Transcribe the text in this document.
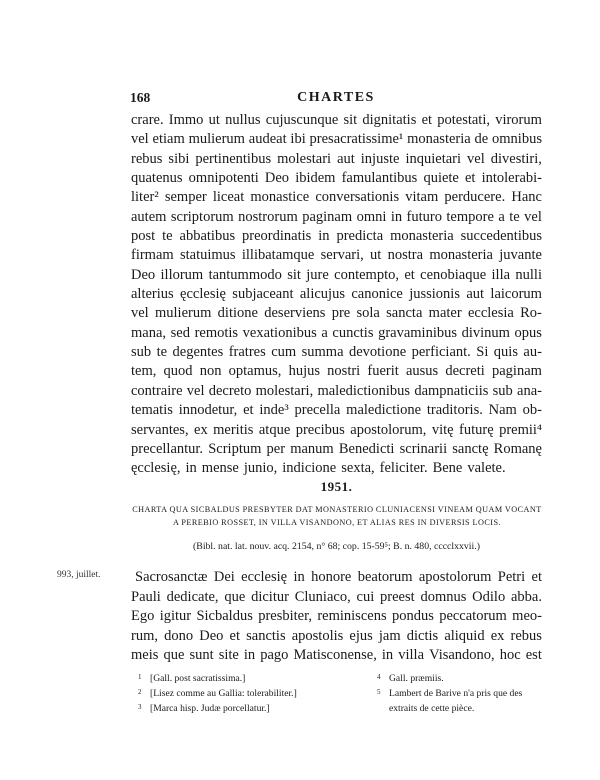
168	CHARTES
crare. Immo ut nullus cujuscunque sit dignitatis et potestati, virorum
vel etiam mulierum audeat ibi presacratissime¹ monasteria de omnibus
rebus sibi pertinentibus molestari aut injuste inquietari vel divestiri,
quatenus omnipotenti Deo ibidem famulantibus quiete et intolerabi-
liter² semper liceat monastice conversationis vitam perducere. Hanc
autem scriptorum nostrorum paginam omni in futuro tempore a te vel
post te abbatibus preordinatis in predicta monasteria succedentibus
firmam statuimus illibatamque servari, ut nostra monasteria juvante
Deo illorum tantummodo sit jure contempto, et cenobiaque illa nulli
alterius ęcclesię subjaceant alicujus canonice jussionis aut laicorum
vel mulierum ditione deserviens pre sola sancta mater ecclesia Ro-
mana, sed remotis vexationibus a cunctis gravaminibus divinum opus
sub te degentes fratres cum summa devotione perficiant. Si quis au-
tem, quod non optamus, hujus nostri fuerit ausus decreti paginam
contraire vel decreto molestari, maledictionibus dampnaticiis sub ana-
tematis innodetur, et inde³ precella maledictione traditoris. Nam ob-
servantes, ex meritis atque precibus apostolorum, vitę futurę premii⁴
precellantur. Scriptum per manum Benedicti scrinarii sanctę Romanę
ęcclesię, in mense junio, indicione sexta, feliciter. Bene valete.
1951.
CHARTA QUA SICBALDUS PRESBYTER DAT MONASTERIO CLUNIACENSI VINEAM QUAM VOCANT
A PEREBIO ROSSET, IN VILLA VISANDONO, ET ALIAS RES IN DIVERSIS LOCIS.
(Bibl. nat. lat. nouv. acq. 2154, n° 68; cop. 15-59⁵; B. n. 480, cccclxxvii.)
993, juillet. Sacrosanctæ Dei ecclesię in honore beatorum apostolorum Petri et
Pauli dedicate, que dicitur Cluniaco, cui preest domnus Odilo abba.
Ego igitur Sicbaldus presbiter, reminiscens pondus peccatorum meo-
rum, dono Deo et sanctis apostolis ejus jam dictis aliquid ex rebus
meis que sunt site in pago Matisconense, in villa Visandono, hoc est
1 [Gall. post sacratissima.]
2 [Lisez comme au Gallia: tolerabiliter.]
3 [Marca hisp. Judæ porcellatur.]
4 Gall. præmiis.
5 Lambert de Barive n'a pris que des
extraits de cette pièce.
